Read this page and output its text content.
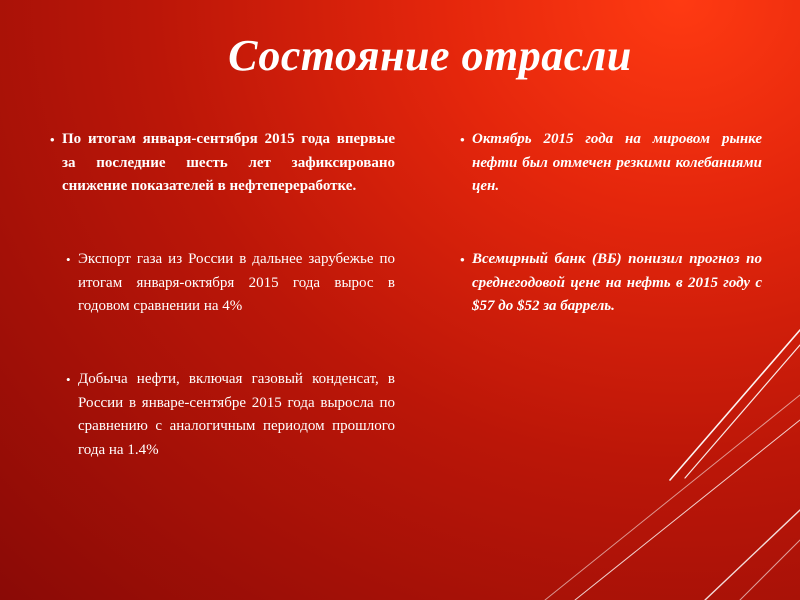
Состояние отрасли
• По итогам января-сентября 2015 года впервые за последние шесть лет зафиксировано снижение показателей в нефтепереработке.
• Экспорт газа из России в дальнее зарубежье по итогам января-октября 2015 года вырос в годовом сравнении на 4%
• Добыча нефти, включая газовый конденсат, в России в январе-сентябре 2015 года выросла по сравнению с аналогичным периодом прошлого года на 1.4%
• Октябрь 2015 года на мировом рынке нефти был отмечен резкими колебаниями цен.
• Всемирный банк (ВБ) понизил прогноз по среднегодовой цене на нефть в 2015 году с $57 до $52 за баррель.
